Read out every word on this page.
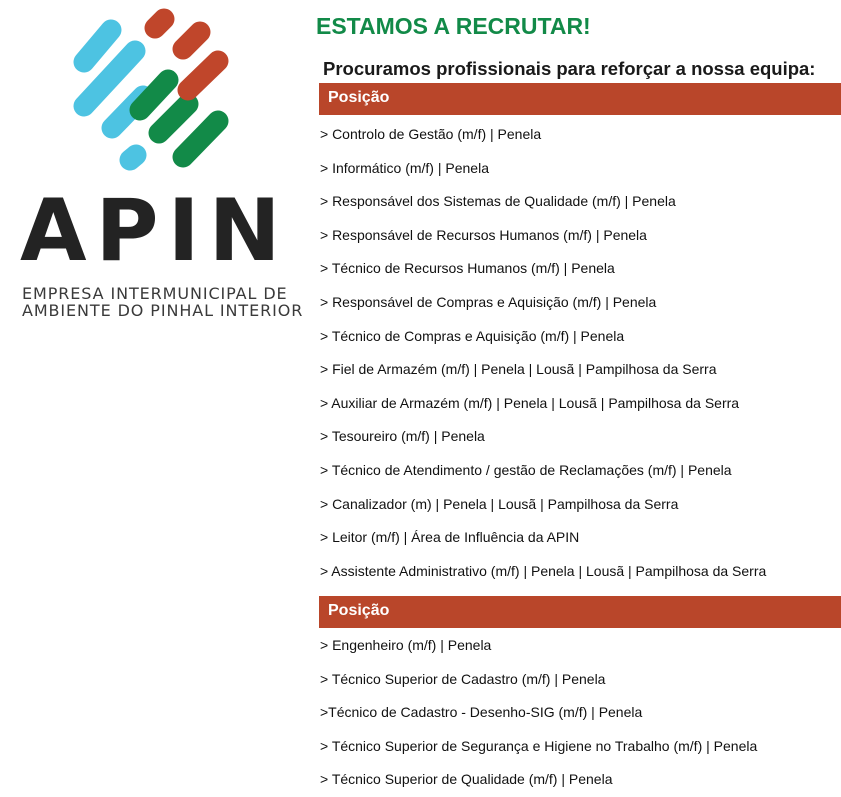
APIN
EMPRESA INTERMUNICIPAL DE
AMBIENTE DO PINHAL INTERIOR
ESTAMOS A RECRUTAR!
Procuramos profissionais para reforçar a nossa equipa:
Posição
> Controlo de Gestão (m/f) | Penela
> Informático (m/f) | Penela
> Responsável dos Sistemas de Qualidade (m/f) | Penela
> Responsável de Recursos Humanos (m/f) | Penela
> Técnico de Recursos Humanos (m/f) | Penela
> Responsável de Compras e Aquisição (m/f) | Penela
> Técnico de Compras e Aquisição (m/f) | Penela
> Fiel de Armazém (m/f) | Penela | Lousã | Pampilhosa da Serra
> Auxiliar de Armazém (m/f) | Penela | Lousã | Pampilhosa da Serra
> Tesoureiro (m/f) | Penela
> Técnico de Atendimento / gestão de Reclamações (m/f) | Penela
> Canalizador (m) | Penela | Lousã | Pampilhosa da Serra
> Leitor (m/f) | Área de Influência da APIN
> Assistente Administrativo (m/f) | Penela | Lousã | Pampilhosa da Serra
Posição
> Engenheiro (m/f) | Penela
> Técnico Superior de Cadastro (m/f) | Penela
>Técnico de Cadastro - Desenho-SIG (m/f) | Penela
> Técnico Superior de Segurança e Higiene no Trabalho (m/f) | Penela
> Técnico Superior de Qualidade (m/f) | Penela
